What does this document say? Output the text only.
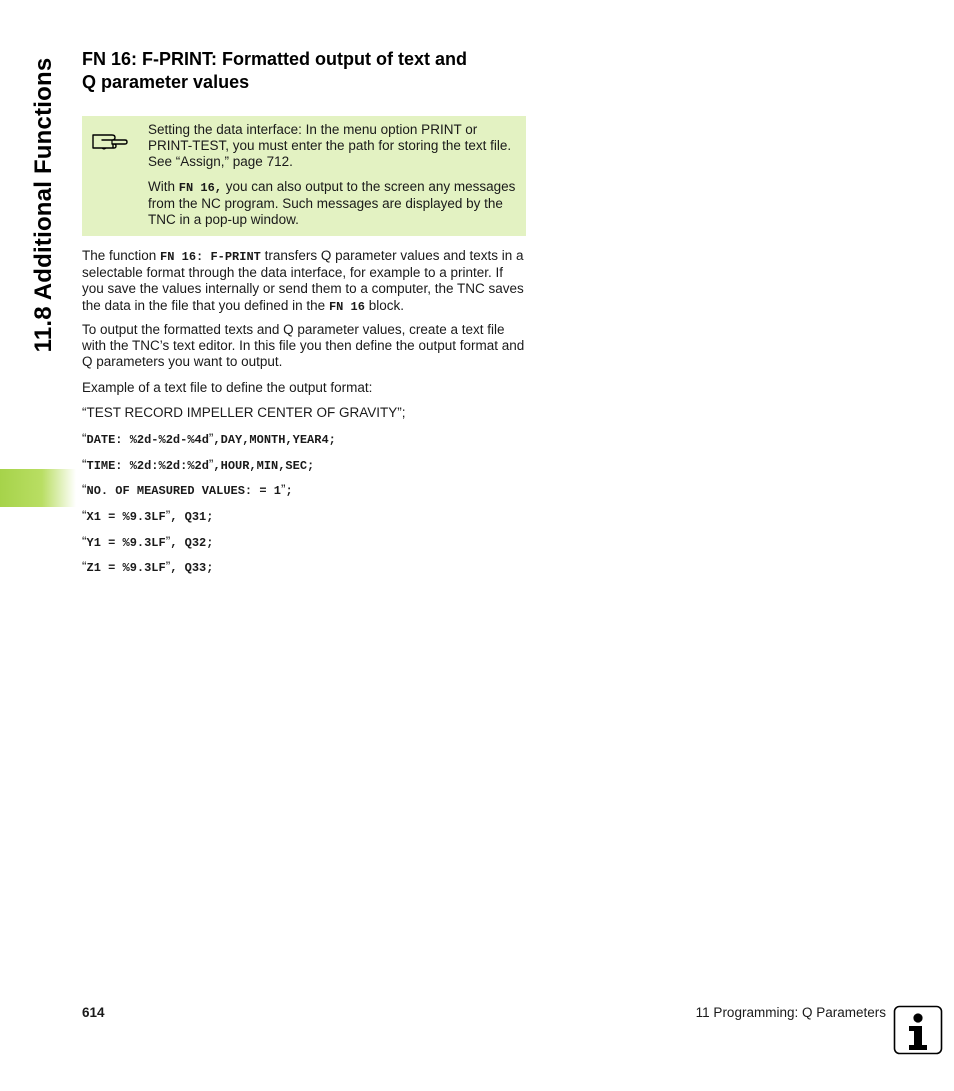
11.8 Additional Functions FN 16: F-PRINT: Formatted output of text and
Q parameter values

Setting the data interface: In the menu option PRINT or PRINT-TEST, you must enter the path for storing the text file. See “Assign,” page 712.

With FN 16, you can also output to the screen any messages from the NC program. Such messages are displayed by the TNC in a pop-up window.

The function FN 16: F-PRINT transfers Q parameter values and texts in a selectable format through the data interface, for example to a printer. If you save the values internally or send them to a computer, the TNC saves the data in the file that you defined in the FN 16 block.

To output the formatted texts and Q parameter values, create a text file with the TNC’s text editor. In this file you then define the output format and Q parameters you want to output.

Example of a text file to define the output format:

“TEST RECORD IMPELLER CENTER OF GRAVITY”;

“DATE: %2d-%2d-%4d”,DAY,MONTH,YEAR4;

“TIME: %2d:%2d:%2d”,HOUR,MIN,SEC;

“NO. OF MEASURED VALUES: = 1”;

“X1 = %9.3LF”, Q31;

“Y1 = %9.3LF”, Q32;

“Z1 = %9.3LF”, Q33;

614	11 Programming: Q Parameters
